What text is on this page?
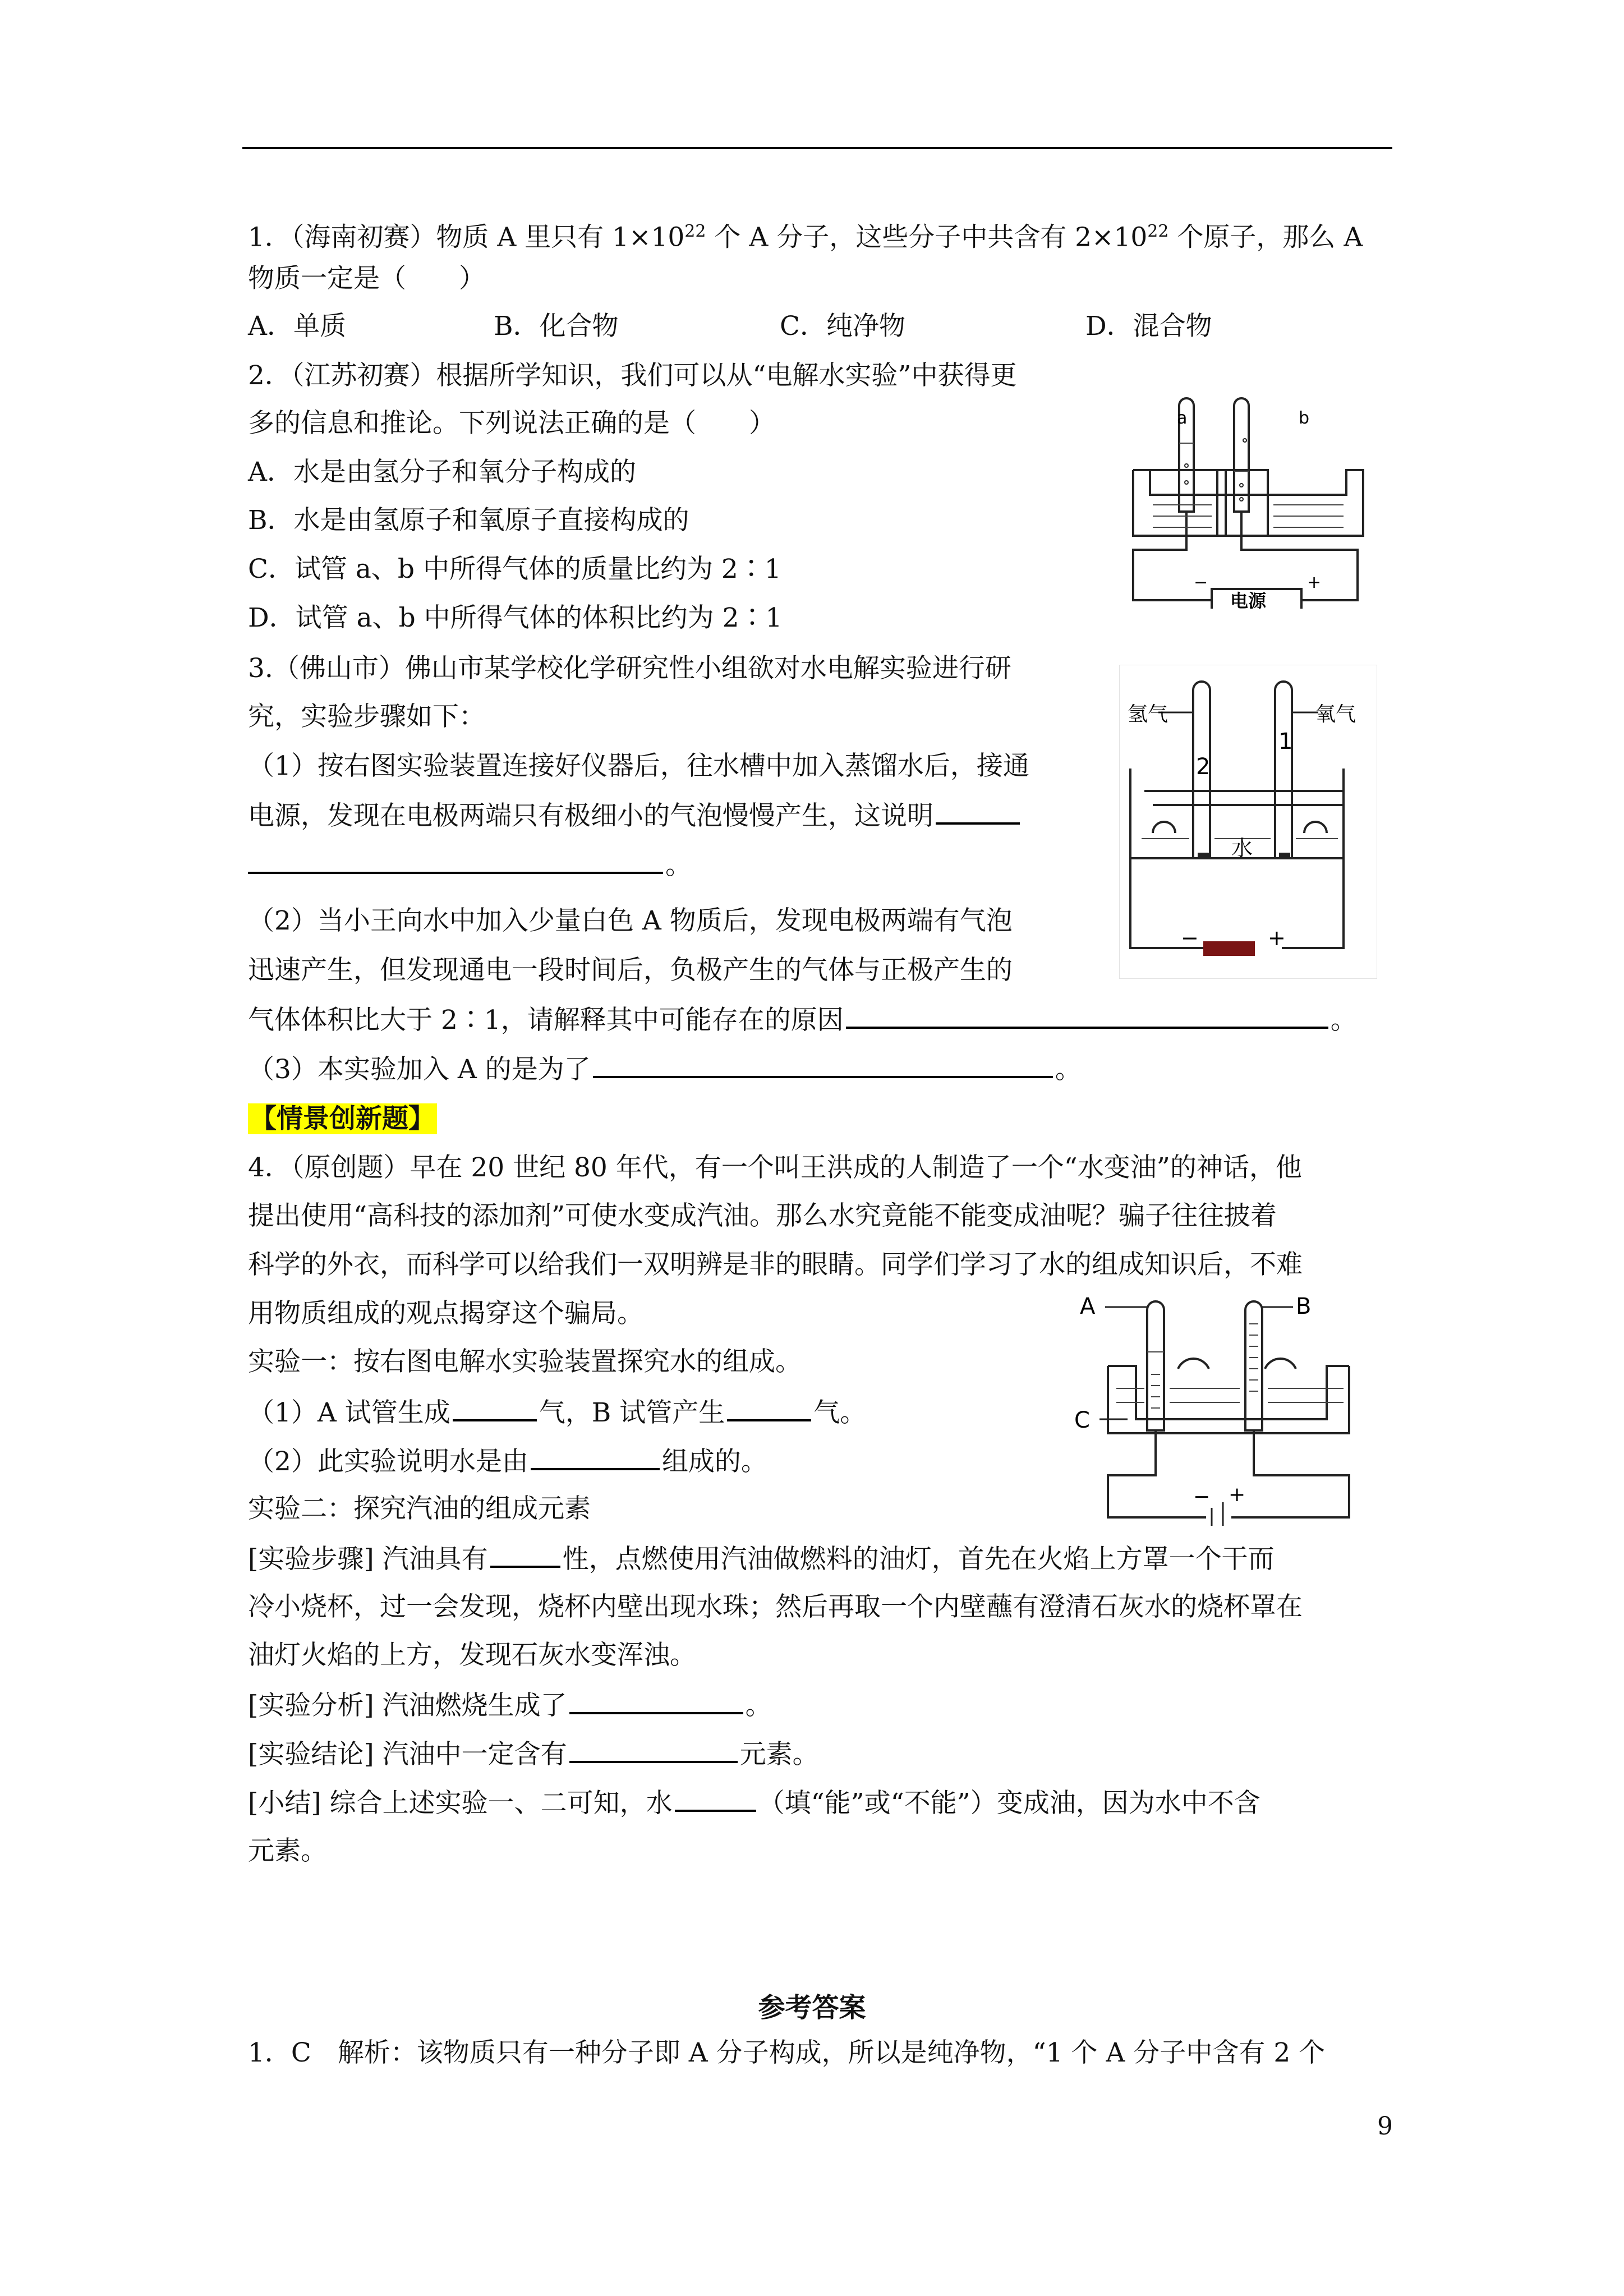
1．（海南初赛）物质 A 里只有 $1\times 10^{22}$ 个 A 分子，这些分子中共含有 $2\times 10^{22}$ 个原子，那么 A
物质一定是（　　）
A．单质	B．化合物	C．纯净物	D．混合物
2．（江苏初赛）根据所学知识，我们可以从“电解水实验”中获得更
多的信息和推论。下列说法正确的是（　　）
A．水是由氢分子和氧分子构成的
B．水是由氢原子和氧原子直接构成的
C．试管 a、b 中所得气体的质量比约为 2∶1
D．试管 a、b 中所得气体的体积比约为 2∶1
a	b
电源
−	+
3.（佛山市）佛山市某学校化学研究性小组欲对水电解实验进行研
究，实验步骤如下：
（1）按右图实验装置连接好仪器后，往水槽中加入蒸馏水后，接通
电源，发现在电极两端只有极细小的气泡慢慢产生，这说明
。
（2）当小王向水中加入少量白色 A 物质后，发现电极两端有气泡
迅速产生，但发现通电一段时间后，负极产生的气体与正极产生的
气体体积比大于 2∶1，请解释其中可能存在的原因	。
（3）本实验加入 A 的是为了	。
氢气	氧气
2
1
水
−	+
【情景创新题】
4．（原创题）早在 20 世纪 80 年代，有一个叫王洪成的人制造了一个“水变油”的神话，他
提出使用“高科技的添加剂”可使水变成汽油。那么水究竟能不能变成油呢？骗子往往披着
科学的外衣，而科学可以给我们一双明辨是非的眼睛。同学们学习了水的组成知识后，不难
用物质组成的观点揭穿这个骗局。
实验一：按右图电解水实验装置探究水的组成。
（1）A 试管生成	气，B 试管产生	气。
（2）此实验说明水是由	组成的。
实验二：探究汽油的组成元素
[实验步骤] 汽油具有	性，点燃使用汽油做燃料的油灯，首先在火焰上方罩一个干而
冷小烧杯，过一会发现，烧杯内壁出现水珠；然后再取一个内壁蘸有澄清石灰水的烧杯罩在
油灯火焰的上方，发现石灰水变浑浊。
[实验分析] 汽油燃烧生成了	。
[实验结论] 汽油中一定含有	元素。
[小结] 综合上述实验一、二可知，水	（填“能”或“不能”）变成油，因为水中不含
元素。
A	B
C
− +
参考答案
1．C　解析：该物质只有一种分子即 A 分子构成，所以是纯净物，“1 个 A 分子中含有 2 个
9
